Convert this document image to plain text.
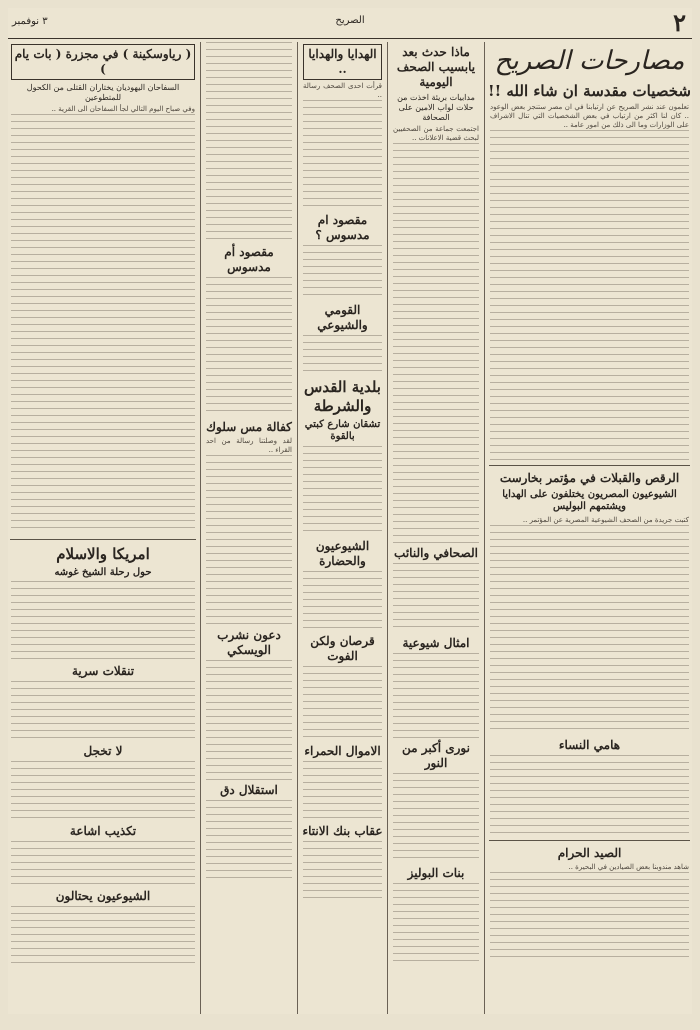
٢
الصريح
٣ نوفمبر
مصارحات الصريح
شخصيات مقدسة ان شاء الله !!
تعلمون عند نشر الصريح عن ارتيابنا في ان مصر ستنجز بعض الوعود .. كان لنا اكثر من ارتياب في بعض الشخصيات التي تنال الاشراف على الوزارات وما الى ذلك من امور عامة ..
الرقص والقبلات في مؤتمر بخارست
الشيوعيون المصريون يختلفون على الهدايا ويشتمهم البوليس
كتبت جريدة من الصحف الشيوعية المصرية عن المؤتمر ..
هامي النساء
الصيد الحرام
شاهد مندوبنا بعض الصيادين في البحيرة ..
ماذا حدث بعد يابسيب الصحف اليومية
مدابيات بريئة اخذت من حلات لواب الامين على الصحافة
اجتمعت جماعة من الصحفيين لبحث قضية الاعلانات ..
الصحافي والنائب
امثال شيوعية
نورى أكبر من النور
بنات البوليز
الهدايا والهدايا ..
قرأت احدى الصحف رسالة ..
مقصود ام مدسوس ؟
القومي والشيوعي
بلدية القدس والشرطة
تشقان شارع كبتي بالقوة
الشيوعيون والحضارة
قرصان ولكن الفوت
الاموال الحمراء
عقاب بنك الانتاء
مقصود أم مدسوس
كفالة مس سلوك
لقد وصلتنا رسالة من احد القراء ..
دعون نشرب الويسكي
استقلال دق
( رياوسكينة ) في مجزرة ( بات يام )
السفاحان اليهوديان يختاران القتلى من الكحول للمتطوعين
وفي صباح اليوم التالي لجأ السفاحان الى القرية ..
امريكا والاسلام
حول رحلة الشيخ غوشه
تنقلات سرية
لا تخجل
تكذيب اشاعة
الشيوعيون يحتالون
